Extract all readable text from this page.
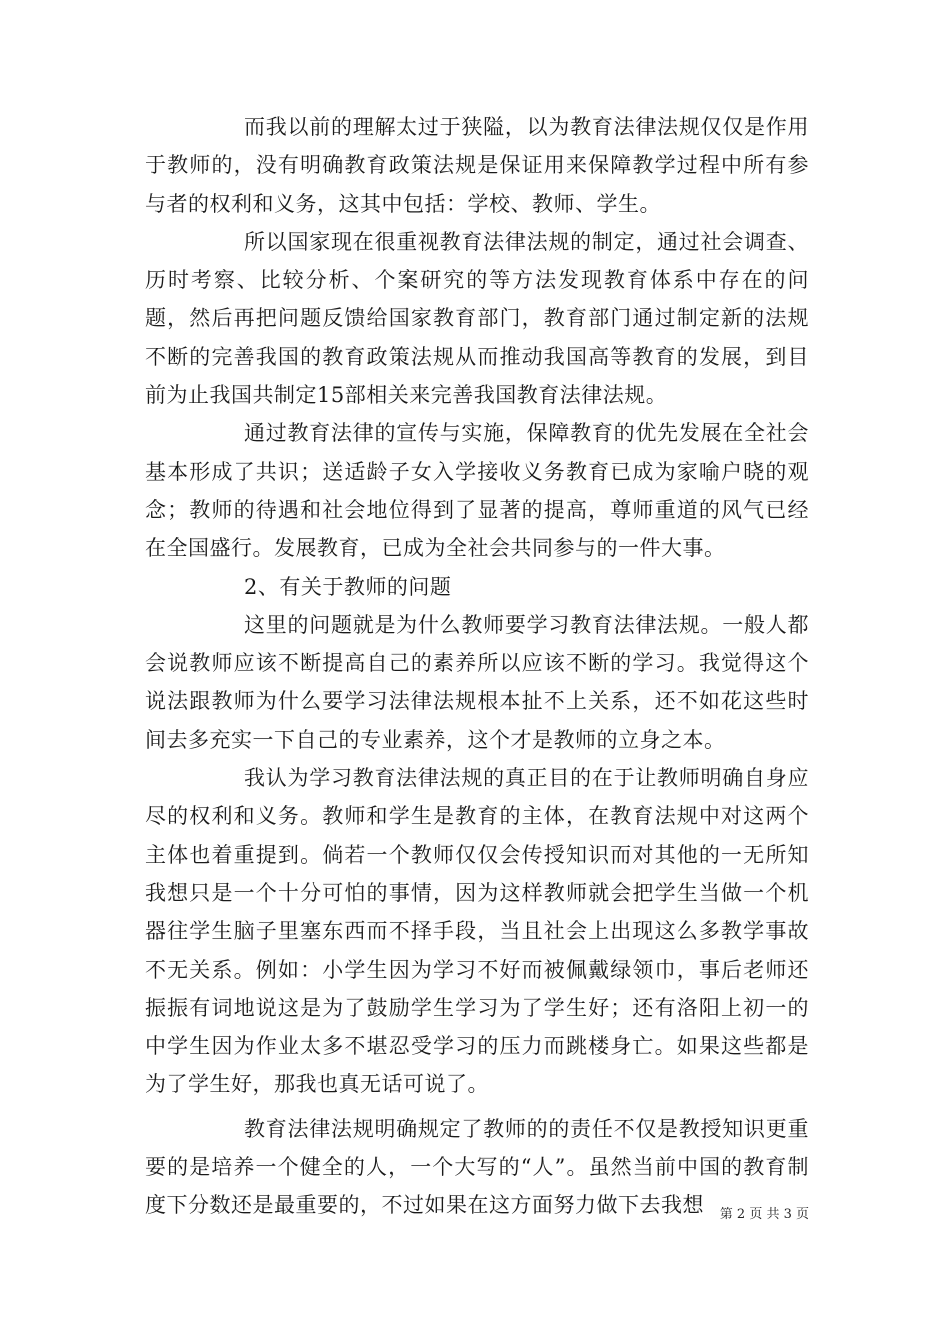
而我以前的理解太过于狭隘，以为教育法律法规仅仅是作用于教师的，没有明确教育政策法规是保证用来保障教学过程中所有参与者的权利和义务，这其中包括：学校、教师、学生。

所以国家现在很重视教育法律法规的制定，通过社会调查、历时考察、比较分析、个案研究的等方法发现教育体系中存在的问题，然后再把问题反馈给国家教育部门，教育部门通过制定新的法规不断的完善我国的教育政策法规从而推动我国高等教育的发展，到目前为止我国共制定15部相关来完善我国教育法律法规。

通过教育法律的宣传与实施，保障教育的优先发展在全社会基本形成了共识；送适龄子女入学接收义务教育已成为家喻户晓的观念；教师的待遇和社会地位得到了显著的提高，尊师重道的风气已经在全国盛行。发展教育，已成为全社会共同参与的一件大事。

2、有关于教师的问题

这里的问题就是为什么教师要学习教育法律法规。一般人都会说教师应该不断提高自己的素养所以应该不断的学习。我觉得这个说法跟教师为什么要学习法律法规根本扯不上关系，还不如花这些时间去多充实一下自己的专业素养，这个才是教师的立身之本。

我认为学习教育法律法规的真正目的在于让教师明确自身应尽的权利和义务。教师和学生是教育的主体，在教育法规中对这两个主体也着重提到。倘若一个教师仅仅会传授知识而对其他的一无所知我想只是一个十分可怕的事情，因为这样教师就会把学生当做一个机器往学生脑子里塞东西而不择手段，当且社会上出现这么多教学事故不无关系。例如：小学生因为学习不好而被佩戴绿领巾，事后老师还振振有词地说这是为了鼓励学生学习为了学生好；还有洛阳上初一的中学生因为作业太多不堪忍受学习的压力而跳楼身亡。如果这些都是为了学生好，那我也真无话可说了。

教育法律法规明确规定了教师的的责任不仅是教授知识更重要的是培养一个健全的人，一个大写的“人”。虽然当前中国的教育制度下分数还是最重要的，不过如果在这方面努力做下去我想	第 2 页 共 3 页
